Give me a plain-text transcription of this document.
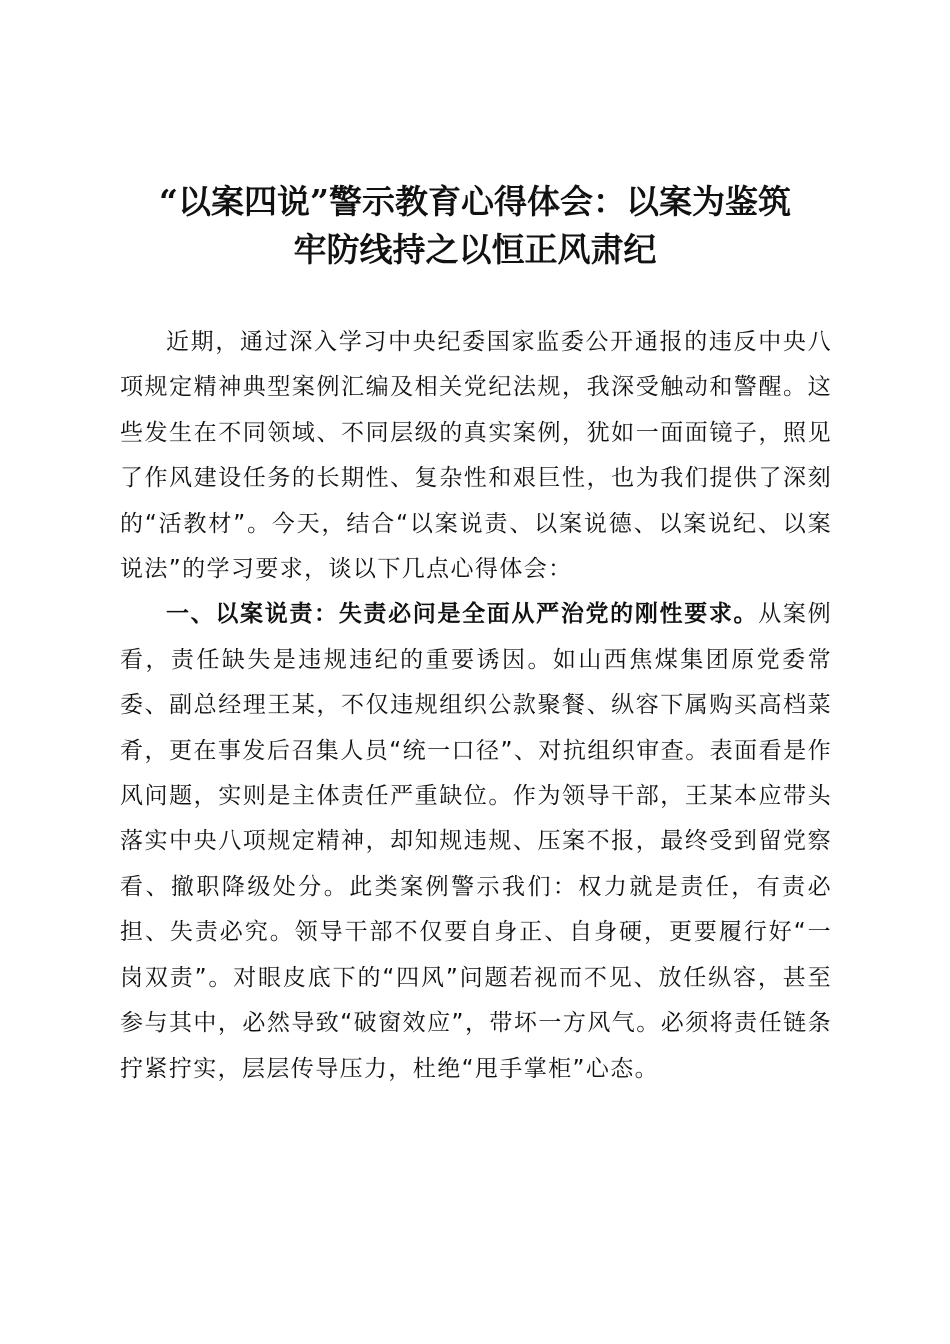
“以案四说”警示教育心得体会：以案为鉴筑
牢防线持之以恒正风肃纪

近期，通过深入学习中央纪委国家监委公开通报的违反中央八项规定精神典型案例汇编及相关党纪法规，我深受触动和警醒。这些发生在不同领域、不同层级的真实案例，犹如一面面镜子，照见了作风建设任务的长期性、复杂性和艰巨性，也为我们提供了深刻的“活教材”。今天，结合“以案说责、以案说德、以案说纪、以案说法”的学习要求，谈以下几点心得体会：

一、以案说责：失责必问是全面从严治党的刚性要求。从案例看，责任缺失是违规违纪的重要诱因。如山西焦煤集团原党委常委、副总经理王某，不仅违规组织公款聚餐、纵容下属购买高档菜肴，更在事发后召集人员“统一口径”、对抗组织审查。表面看是作风问题，实则是主体责任严重缺位。作为领导干部，王某本应带头落实中央八项规定精神，却知规违规、压案不报，最终受到留党察看、撤职降级处分。此类案例警示我们：权力就是责任，有责必担、失责必究。领导干部不仅要自身正、自身硬，更要履行好“一岗双责”。对眼皮底下的“四风”问题若视而不见、放任纵容，甚至参与其中，必然导致“破窗效应”，带坏一方风气。必须将责任链条拧紧拧实，层层传导压力，杜绝“甩手掌柜”心态。
